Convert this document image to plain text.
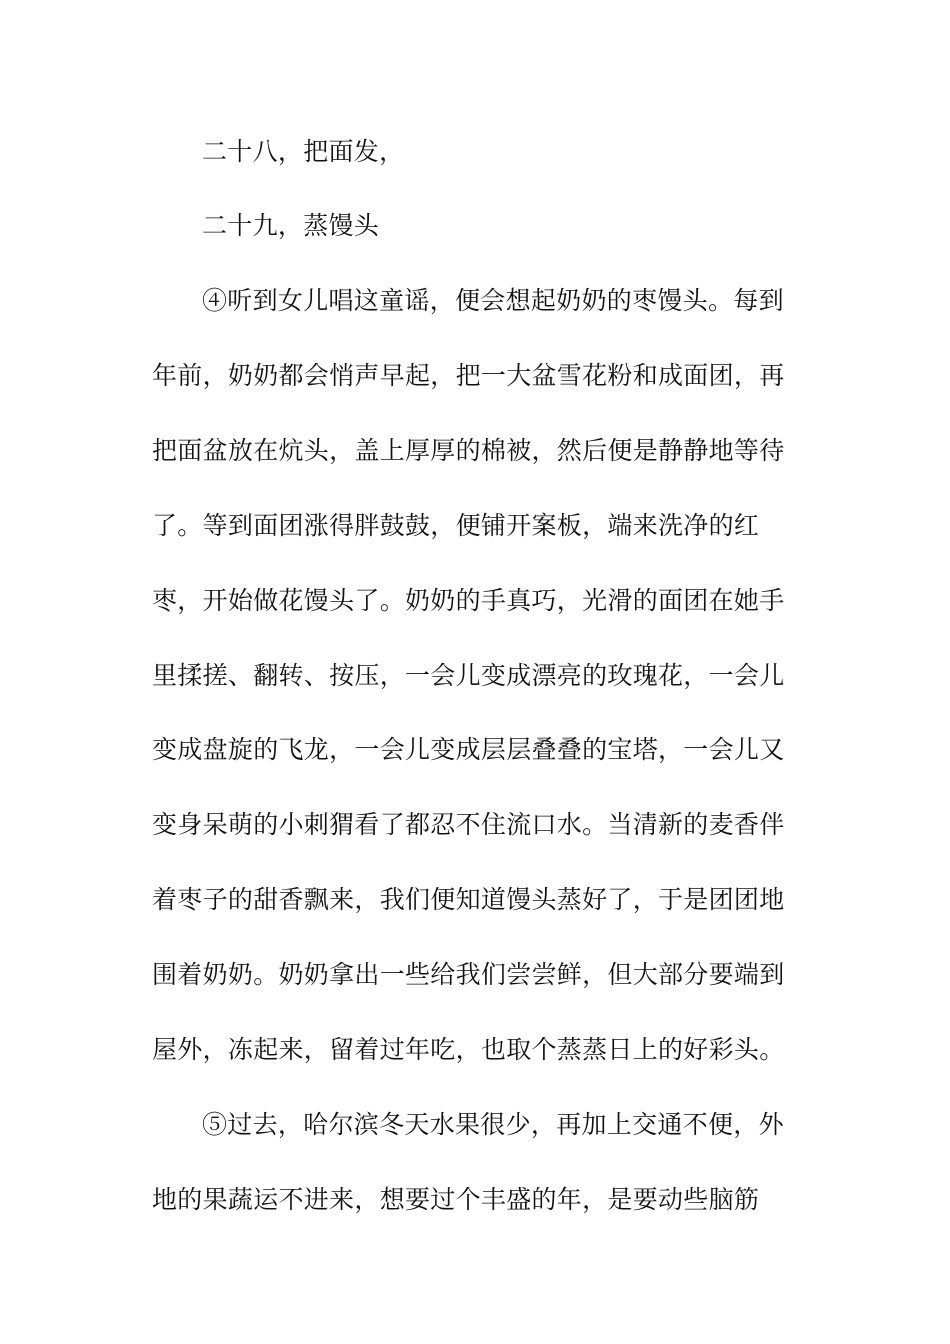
二十八，把面发，
二十九，蒸馒头
④听到女儿唱这童谣，便会想起奶奶的枣馒头。每到
年前，奶奶都会悄声早起，把一大盆雪花粉和成面团，再
把面盆放在炕头，盖上厚厚的棉被，然后便是静静地等待
了。等到面团涨得胖鼓鼓，便铺开案板，端来洗净的红
枣，开始做花馒头了。奶奶的手真巧，光滑的面团在她手
里揉搓、翻转、按压，一会儿变成漂亮的玫瑰花，一会儿
变成盘旋的飞龙，一会儿变成层层叠叠的宝塔，一会儿又
变身呆萌的小刺猬看了都忍不住流口水。当清新的麦香伴
着枣子的甜香飘来，我们便知道馒头蒸好了，于是团团地
围着奶奶。奶奶拿出一些给我们尝尝鲜，但大部分要端到
屋外，冻起来，留着过年吃，也取个蒸蒸日上的好彩头。
⑤过去，哈尔滨冬天水果很少，再加上交通不便，外
地的果蔬运不进来，想要过个丰盛的年，是要动些脑筋
